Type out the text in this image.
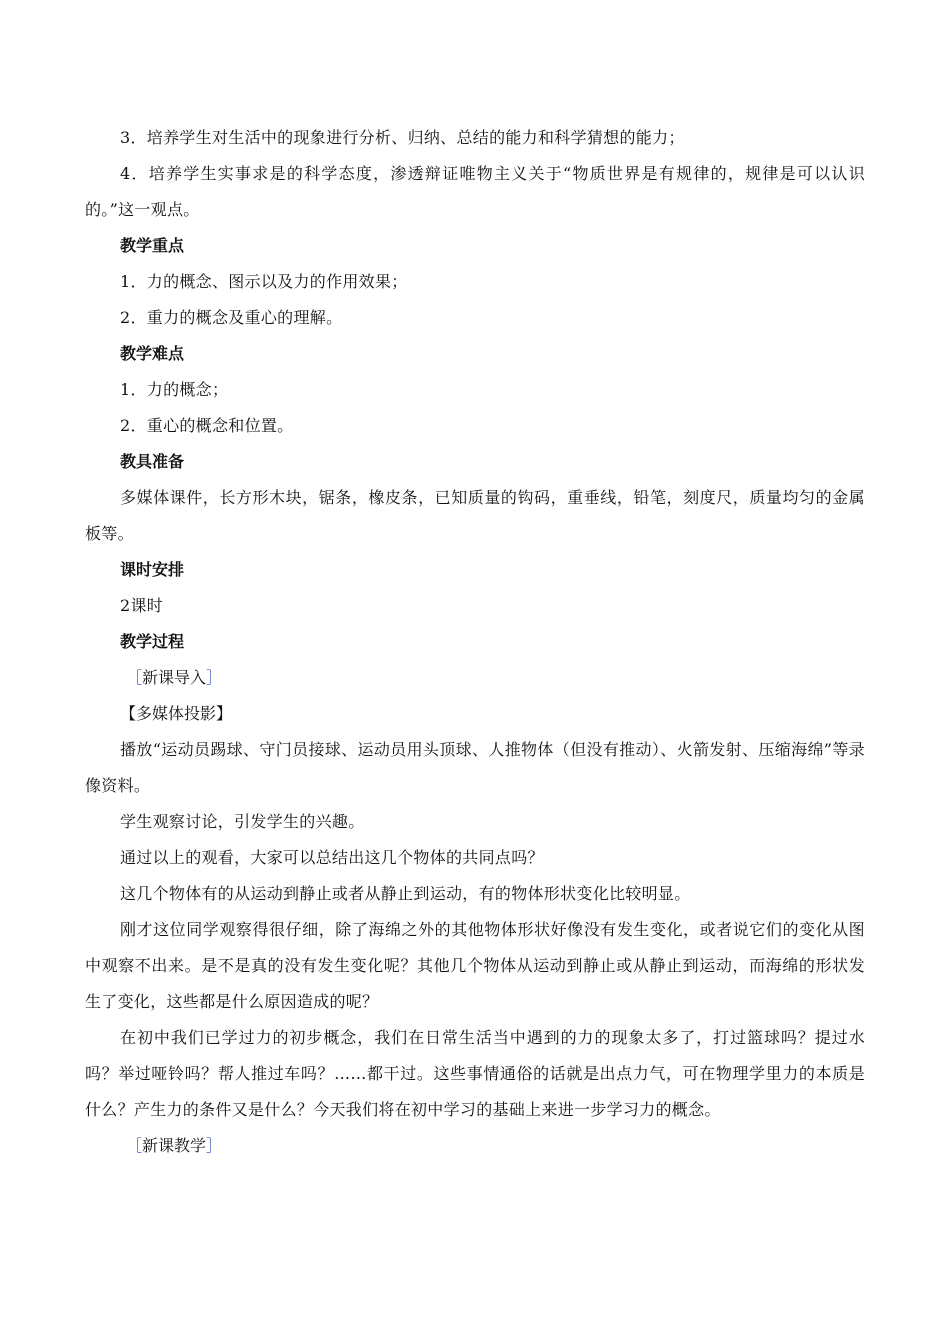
3．培养学生对生活中的现象进行分析、归纳、总结的能力和科学猜想的能力；

4．培养学生实事求是的科学态度，渗透辩证唯物主义关于“物质世界是有规律的，规律是可以认识的。”这一观点。

教学重点

1．力的概念、图示以及力的作用效果；

2．重力的概念及重心的理解。

教学难点

1．力的概念；

2．重心的概念和位置。

教具准备

多媒体课件，长方形木块，锯条，橡皮条，已知质量的钩码，重垂线，铅笔，刻度尺，质量均匀的金属板等。

课时安排

2课时

教学过程
［新课导入］
【多媒体投影】

播放“运动员踢球、守门员接球、运动员用头顶球、人推物体（但没有推动）、火箭发射、压缩海绵”等录像资料。

学生观察讨论，引发学生的兴趣。

通过以上的观看，大家可以总结出这几个物体的共同点吗？

这几个物体有的从运动到静止或者从静止到运动，有的物体形状变化比较明显。

刚才这位同学观察得很仔细，除了海绵之外的其他物体形状好像没有发生变化，或者说它们的变化从图中观察不出来。是不是真的没有发生变化呢？其他几个物体从运动到静止或从静止到运动，而海绵的形状发生了变化，这些都是什么原因造成的呢？

在初中我们已学过力的初步概念，我们在日常生活当中遇到的力的现象太多了，打过篮球吗？提过水吗？举过哑铃吗？帮人推过车吗？……都干过。这些事情通俗的话就是出点力气，可在物理学里力的本质是什么？产生力的条件又是什么？今天我们将在初中学习的基础上来进一步学习力的概念。

［新课教学］
